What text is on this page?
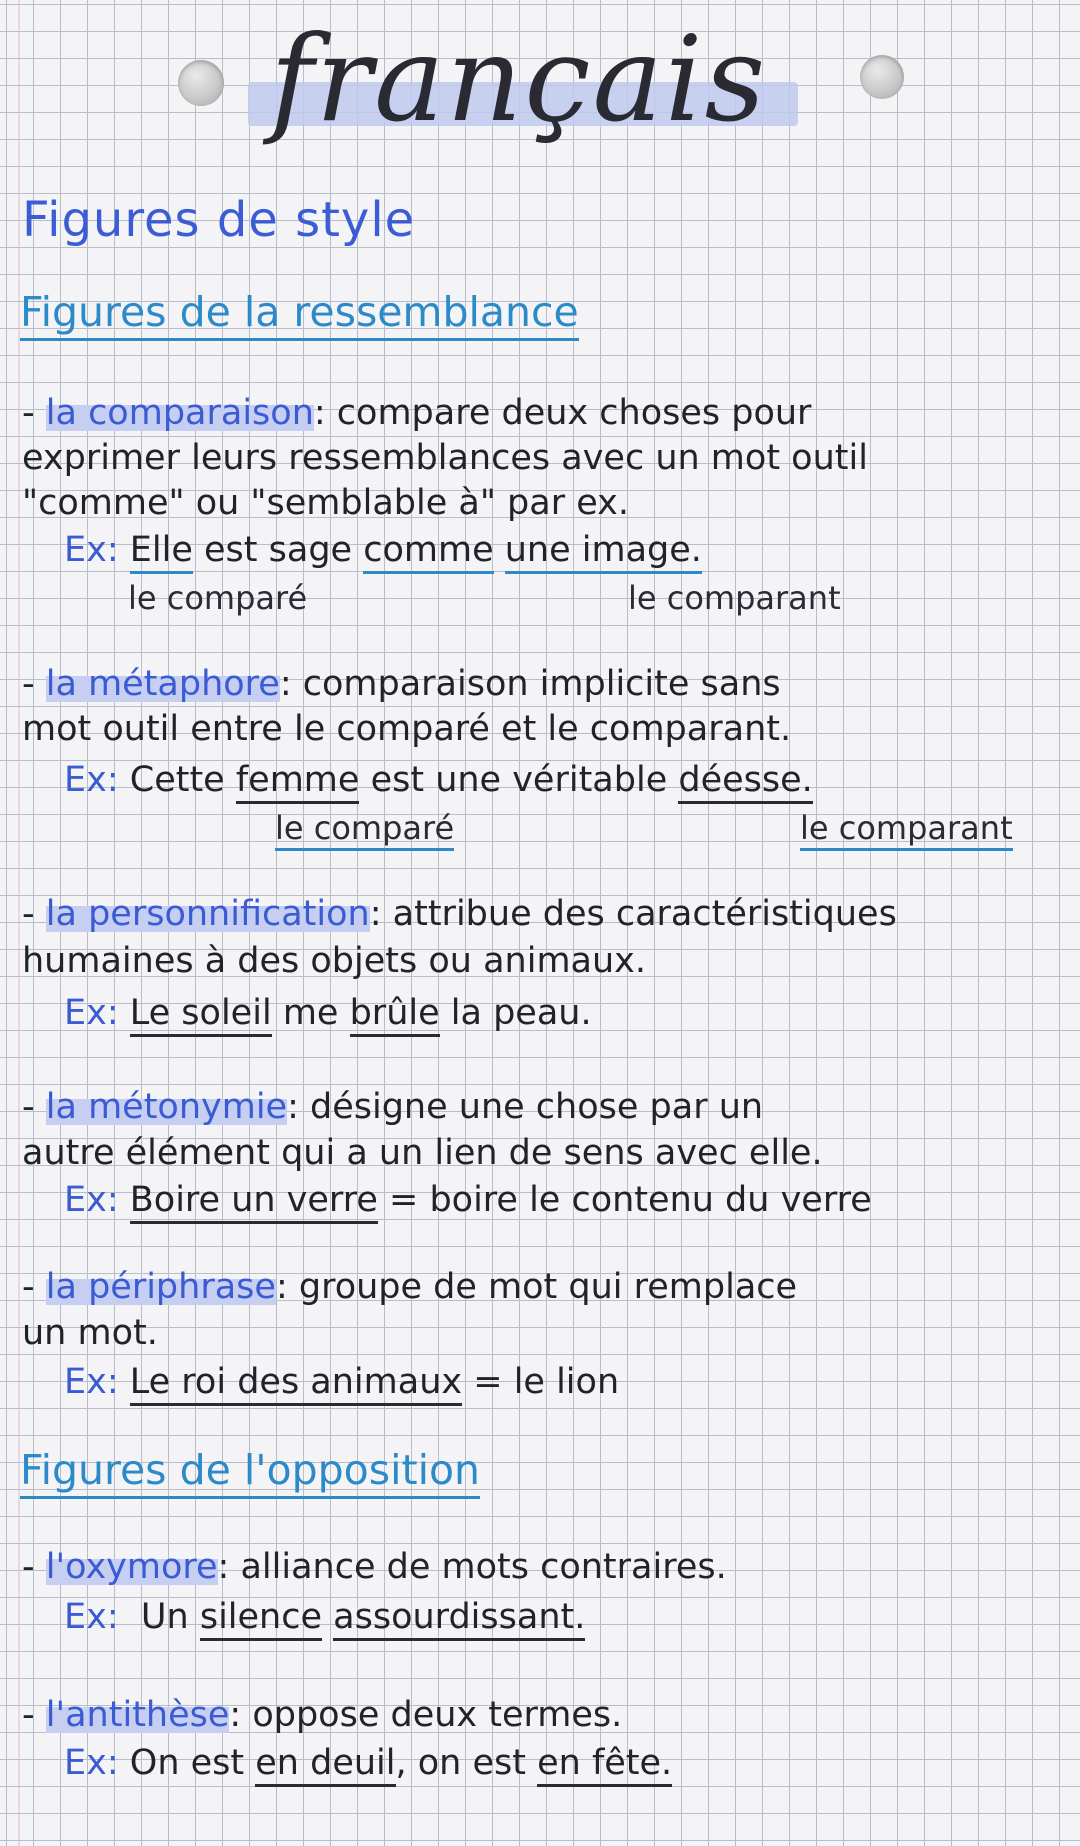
français
Figures de style
Figures de la ressemblance
- la comparaison: compare deux choses pour
exprimer leurs ressemblances avec un mot outil
"comme" ou "semblable à" par ex.
Ex: Elle est sage comme une image.
le comparé	le comparant
- la métaphore: comparaison implicite sans
mot outil entre le comparé et le comparant.
Ex: Cette femme est une véritable déesse.
le comparé	le comparant
- la personnification: attribue des caractéristiques
humaines à des objets ou animaux.
Ex: Le soleil me brûle la peau.
- la métonymie: désigne une chose par un
autre élément qui a un lien de sens avec elle.
Ex: Boire un verre = boire le contenu du verre
- la périphrase: groupe de mot qui remplace
un mot.
Ex: Le roi des animaux = le lion
Figures de l'opposition
- l'oxymore: alliance de mots contraires.
Ex: Un silence assourdissant.
- l'antithèse: oppose deux termes.
Ex: On est en deuil, on est en fête.
